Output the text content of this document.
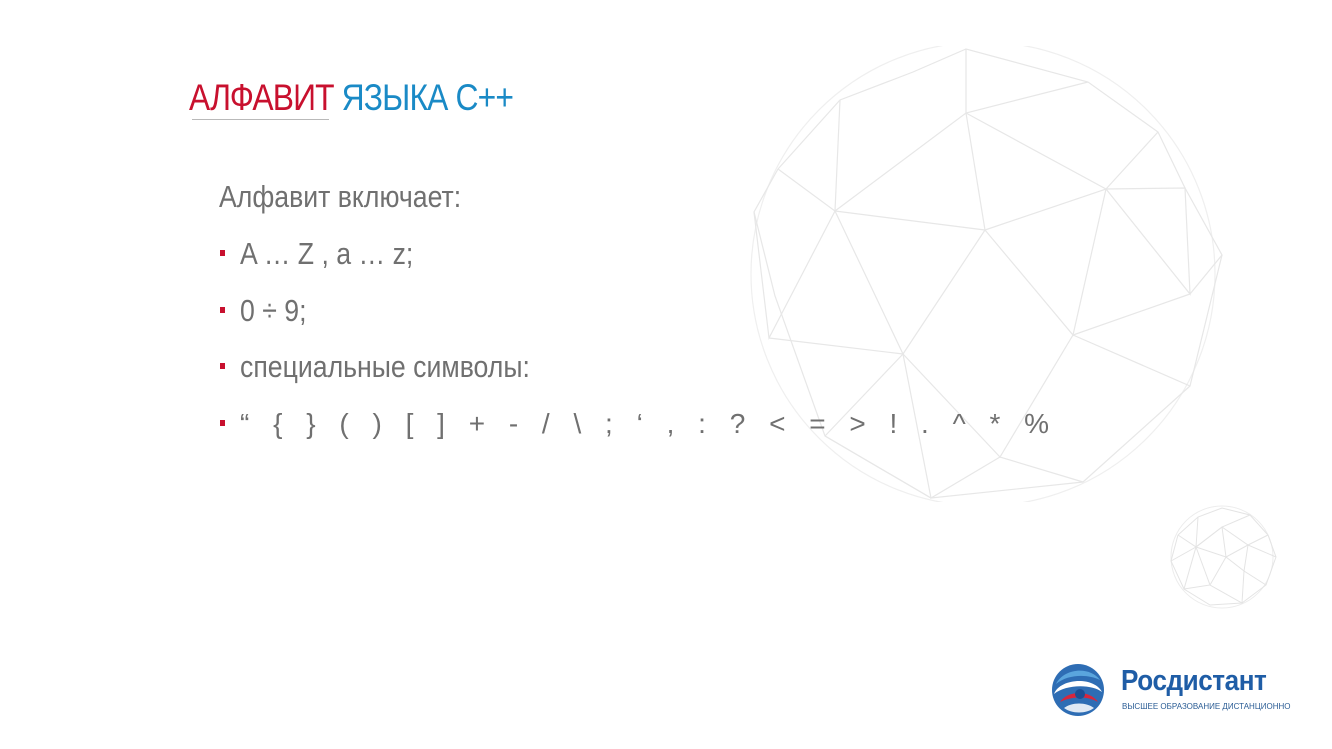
АЛФАВИТ ЯЗЫКА С++
Алфавит включает:
A … Z , a … z;
0 ÷ 9;
специальные символы:
“ { } ( ) [ ] + - / \ ; ‘ , : ? < = > ! . ^ * %
Росдистант
ВЫСШЕЕ ОБРАЗОВАНИЕ ДИСТАНЦИОННО
